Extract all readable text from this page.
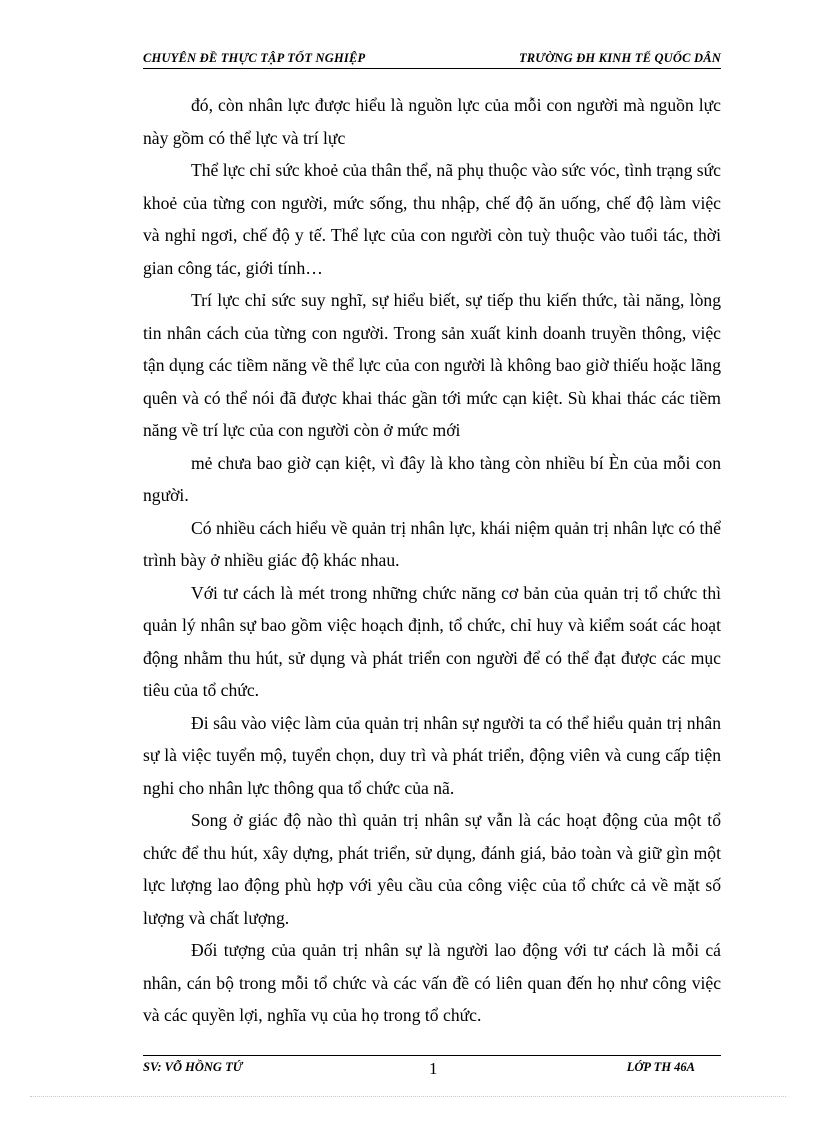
CHUYÊN ĐỀ THỰC TẬP TỐT NGHIỆP	TRƯỜNG ĐH KINH TẾ QUỐC DÂN

đó, còn nhân lực được hiểu là nguồn lực của mỗi con người mà nguồn lực này gồm có thể lực và trí lực

Thể lực chỉ sức khoẻ của thân thể, nã phụ thuộc vào sức vóc, tình trạng sức khoẻ của từng con người, mức sống, thu nhập, chế độ ăn uống, chế độ làm việc và nghỉ ngơi, chế độ y tế. Thể lực của con người còn tuỳ thuộc vào tuổi tác, thời gian công tác, giới tính…

Trí lực chỉ sức suy nghĩ, sự hiểu biết, sự tiếp thu kiến thức, tài năng, lòng tin nhân cách của từng con người. Trong sản xuất kinh doanh truyền thông, việc tận dụng các tiềm năng về thể lực của con người là không bao giờ thiếu hoặc lãng quên và có thể nói đã được khai thác gần tới mức cạn kiệt. Sù khai thác các tiềm năng về trí lực của con người còn ở mức mới

mẻ chưa bao giờ cạn kiệt, vì đây là kho tàng còn nhiều bí Èn của mỗi con người.

Có nhiều cách hiểu về quản trị nhân lực, khái niệm quản trị nhân lực có thể trình bày ở nhiều giác độ khác nhau.

Với tư cách là mét trong những chức năng cơ bản của quản trị tổ chức thì quản lý nhân sự bao gồm việc hoạch định, tổ chức, chỉ huy và kiểm soát các hoạt động nhằm thu hút, sử dụng và phát triển con người để có thể đạt được các mục tiêu của tổ chức.

Đi sâu vào việc làm của quản trị nhân sự người ta có thể hiểu quản trị nhân sự là việc tuyển mộ, tuyển chọn, duy trì và phát triển, động viên và cung cấp tiện nghi cho nhân lực thông qua tổ chức của nã.

Song ở giác độ nào thì quản trị nhân sự vẫn là các hoạt động của một tổ chức để thu hút, xây dựng, phát triển, sử dụng, đánh giá, bảo toàn và giữ gìn một lực lượng lao động phù hợp với yêu cầu của công việc của tổ chức cả về mặt số lượng và chất lượng.

Đối tượng của quản trị nhân sự là người lao động với tư cách là mỗi cá nhân, cán bộ trong mỗi tổ chức và các vấn đề có liên quan đến họ như công việc và các quyền lợi, nghĩa vụ của họ trong tổ chức.

SV: VÕ HỒNG TỨ	1	LỚP TH 46A
